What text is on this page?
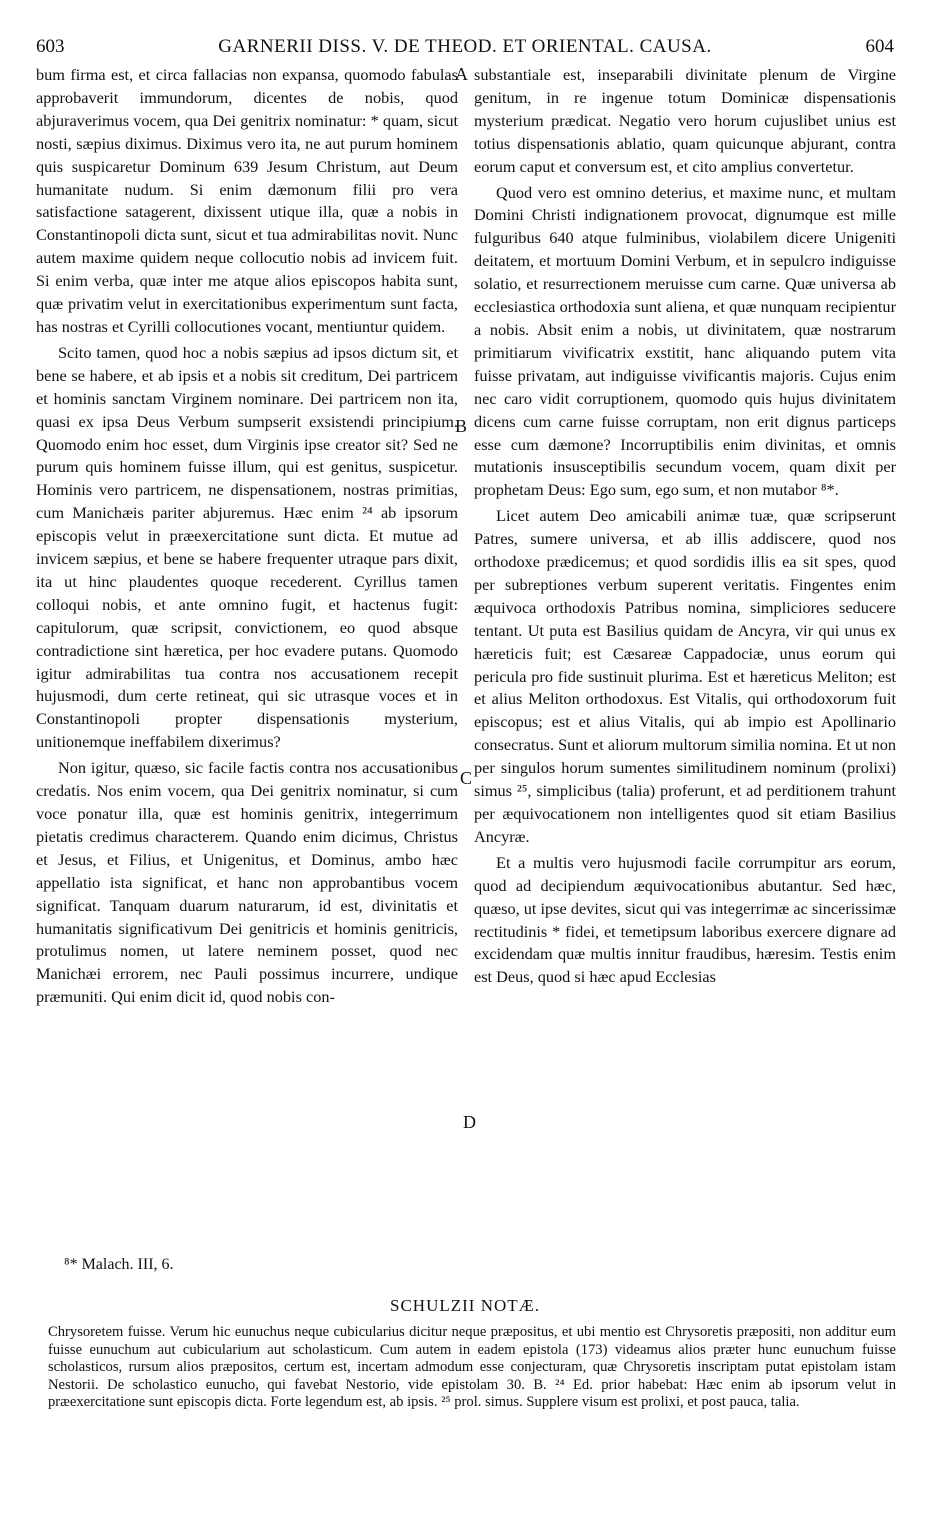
603	GARNERII DISS. V. DE THEOD. ET ORIENTAL. CAUSA.	604

bum firma est, et circa fallacias non expansa, quomodo fabulas approbaverit immundorum, dicentes de nobis, quod abjuraverimus vocem, qua Dei genitrix nominatur: * quam, sicut nosti, sæpius diximus. Diximus vero ita, ne aut purum hominem quis suspicaretur Dominum 639 Jesum Christum, aut Deum humanitate nudum. Si enim dæmonum filii pro vera satisfactione satagerent, dixissent utique illa, quæ a nobis in Constantinopoli dicta sunt, sicut et tua admirabilitas novit. Nunc autem maxime quidem neque collocutio nobis ad invicem fuit. Si enim verba, quæ inter me atque alios episcopos habita sunt, quæ privatim velut in exercitationibus experimentum sunt facta, has nostras et Cyrilli collocutiones vocant, mentiuntur quidem.

Scito tamen, quod hoc a nobis sæpius ad ipsos dictum sit, et bene se habere, et ab ipsis et a nobis sit creditum, Dei partricem et hominis sanctam Virginem nominare. Dei partricem non ita, quasi ex ipsa Deus Verbum sumpserit exsistendi principium. Quomodo enim hoc esset, dum Virginis ipse creator sit? Sed ne purum quis hominem fuisse illum, qui est genitus, suspicetur. Hominis vero partricem, ne dispensationem, nostras primitias, cum Manichæis pariter abjuremus. Hæc enim ²⁴ ab ipsorum episcopis velut in præexercitatione sunt dicta. Et mutue ad invicem sæpius, et bene se habere frequenter utraque pars dixit, ita ut hinc plaudentes quoque recederent. Cyrillus tamen colloqui nobis, et ante omnino fugit, et hactenus fugit: capitulorum, quæ scripsit, convictionem, eo quod absque contradictione sint hæretica, per hoc evadere putans. Quomodo igitur admirabilitas tua contra nos accusationem recepit hujusmodi, dum certe retineat, qui sic utrasque voces et in Constantinopoli propter dispensationis mysterium, unitionemque ineffabilem dixerimus?

Non igitur, quæso, sic facile factis contra nos accusationibus credatis. Nos enim vocem, qua Dei genitrix nominatur, si cum voce ponatur illa, quæ est hominis genitrix, integerrimum pietatis credimus characterem. Quando enim dicimus, Christus et Jesus, et Filius, et Unigenitus, et Dominus, ambo hæc appellatio ista significat, et hanc non approbantibus vocem significat. Tanquam duarum naturarum, id est, divinitatis et humanitatis significativum Dei genitricis et hominis genitricis, protulimus nomen, ut latere neminem posset, quod nec Manichæi errorem, nec Pauli possimus incurrere, undique præmuniti. Qui enim dicit id, quod nobis con-

A
B
C
D

substantiale est, inseparabili divinitate plenum de Virgine genitum, in re ingenue totum Dominicæ dispensationis mysterium prædicat. Negatio vero horum cujuslibet unius est totius dispensationis ablatio, quam quicunque abjurant, contra eorum caput et conversum est, et cito amplius convertetur.

Quod vero est omnino deterius, et maxime nunc, et multam Domini Christi indignationem provocat, dignumque est mille fulguribus 640 atque fulminibus, violabilem dicere Unigeniti deitatem, et mortuum Domini Verbum, et in sepulcro indiguisse solatio, et resurrectionem meruisse cum carne. Quæ universa ab ecclesiastica orthodoxia sunt aliena, et quæ nunquam recipientur a nobis. Absit enim a nobis, ut divinitatem, quæ nostrarum primitiarum vivificatrix exstitit, hanc aliquando putem vita fuisse privatam, aut indiguisse vivificantis majoris. Cujus enim nec caro vidit corruptionem, quomodo quis hujus divinitatem dicens cum carne fuisse corruptam, non erit dignus particeps esse cum dæmone? Incorruptibilis enim divinitas, et omnis mutationis insusceptibilis secundum vocem, quam dixit per prophetam Deus: Ego sum, ego sum, et non mutabor ⁸*.

Licet autem Deo amicabili animæ tuæ, quæ scripserunt Patres, sumere universa, et ab illis addiscere, quod nos orthodoxe prædicemus; et quod sordidis illis ea sit spes, quod per subreptiones verbum superent veritatis. Fingentes enim æquivoca orthodoxis Patribus nomina, simpliciores seducere tentant. Ut puta est Basilius quidam de Ancyra, vir qui unus ex hæreticis fuit; est Cæsareæ Cappadociæ, unus eorum qui pericula pro fide sustinuit plurima. Est et hæreticus Meliton; est et alius Meliton orthodoxus. Est Vitalis, qui orthodoxorum fuit episcopus; est et alius Vitalis, qui ab impio est Apollinario consecratus. Sunt et aliorum multorum similia nomina. Et ut non per singulos horum sumentes similitudinem nominum (prolixi) simus ²⁵, simplicibus (talia) proferunt, et ad perditionem trahunt per æquivocationem non intelligentes quod sit etiam Basilius Ancyræ.

Et a multis vero hujusmodi facile corrumpitur ars eorum, quod ad decipiendum æquivocationibus abutantur. Sed hæc, quæso, ut ipse devites, sicut qui vas integerrimæ ac sincerissimæ rectitudinis * fidei, et temetipsum laboribus exercere dignare ad excidendam quæ multis innitur fraudibus, hæresim. Testis enim est Deus, quod si hæc apud Ecclesias

⁸* Malach. III, 6.
SCHULZII NOTÆ.

Chrysoretem fuisse. Verum hic eunuchus neque cubicularius dicitur neque præpositus, et ubi mentio est Chrysoretis præpositi, non additur eum fuisse eunuchum aut cubicularium aut scholasticum. Cum autem in eadem epistola (173) videamus alios præter hunc eunuchum fuisse scholasticos, rursum alios præpositos, certum est, incertam admodum esse conjecturam, quæ Chrysoretis inscriptam putat epistolam istam Nestorii. De scholastico eunucho, qui favebat Nestorio, vide epistolam 30. B. ²⁴ Ed. prior habebat: Hæc enim ab ipsorum velut in præexercitatione sunt episcopis dicta. Forte legendum est, ab ipsis. ²⁵ prol. simus. Supplere visum est prolixi, et post pauca, talia.
